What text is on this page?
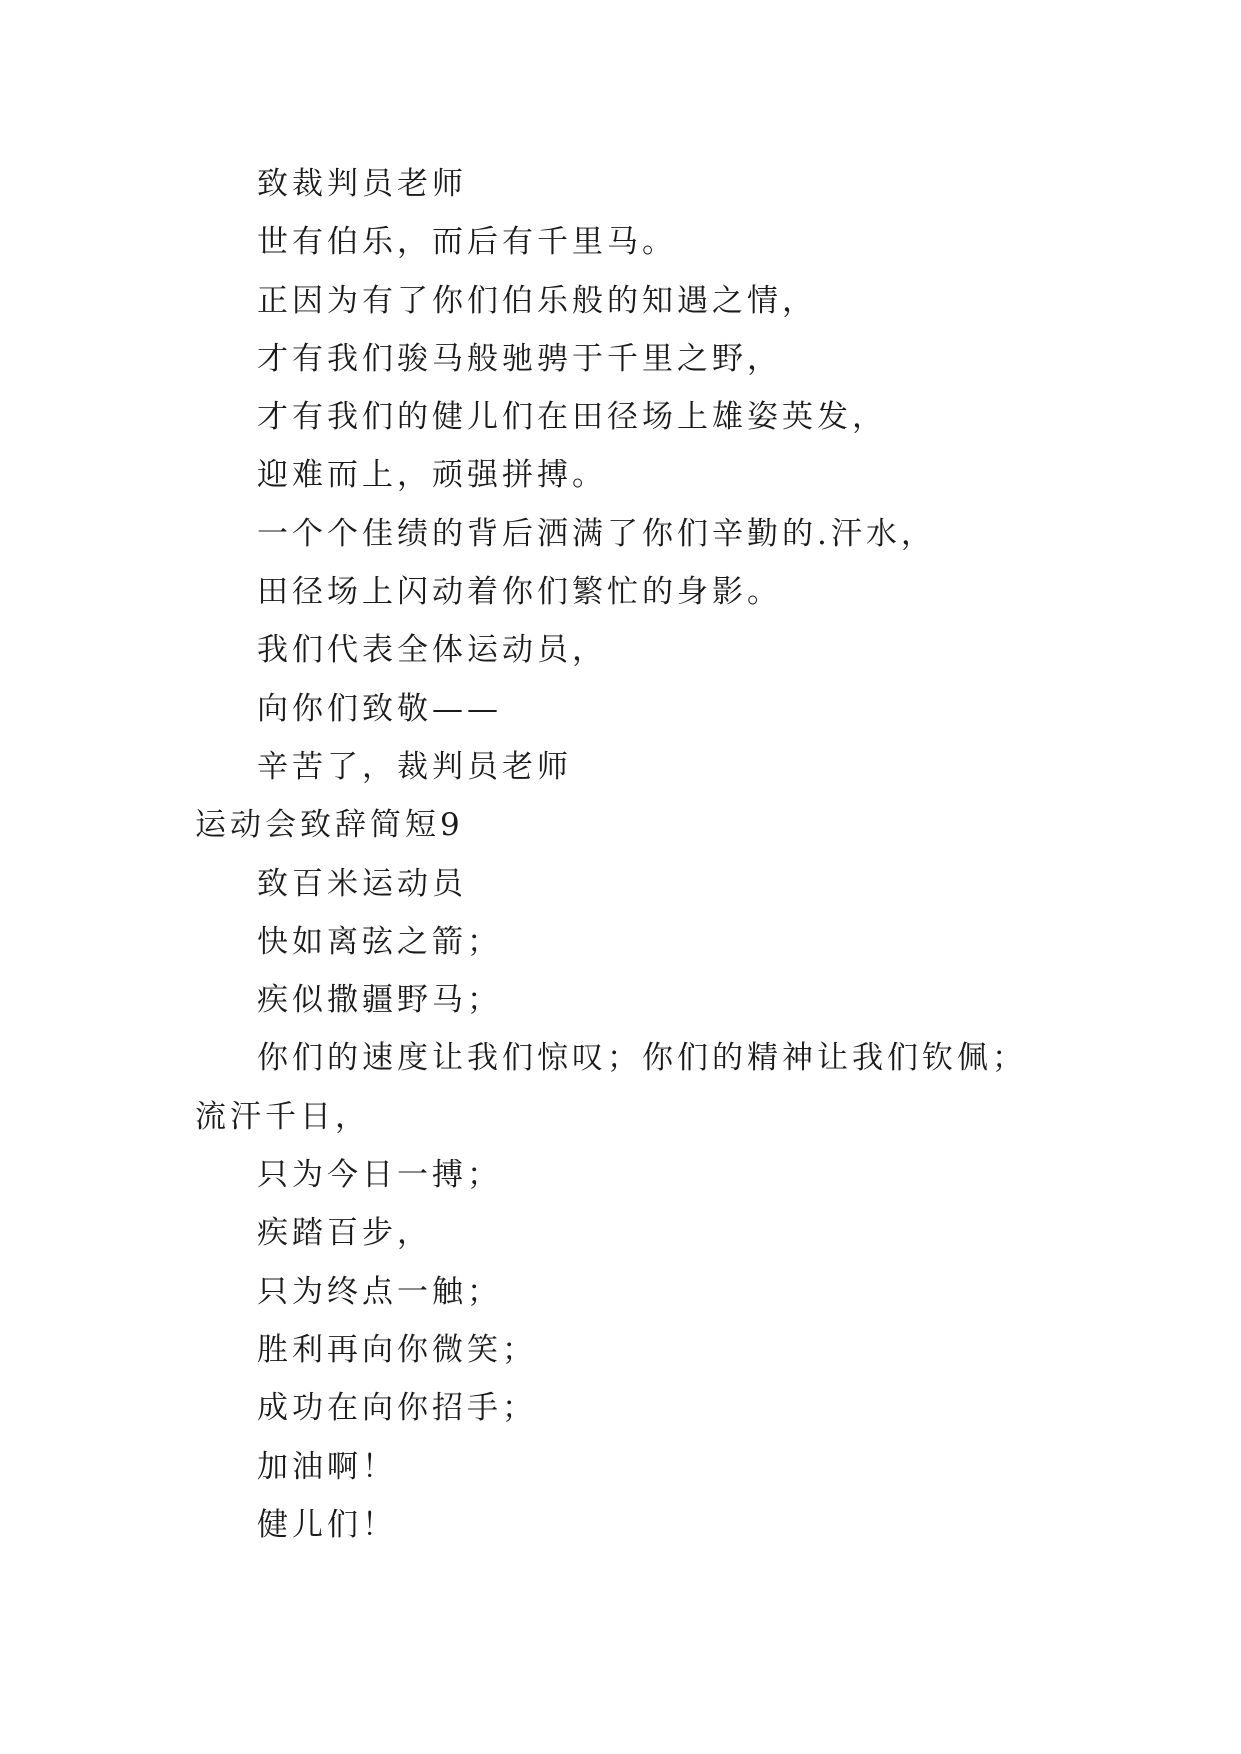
致裁判员老师
世有伯乐，而后有千里马。
正因为有了你们伯乐般的知遇之情，
才有我们骏马般驰骋于千里之野，
才有我们的健儿们在田径场上雄姿英发，
迎难而上，顽强拼搏。
一个个佳绩的背后洒满了你们辛勤的.汗水，
田径场上闪动着你们繁忙的身影。
我们代表全体运动员，
向你们致敬——
辛苦了，裁判员老师
运动会致辞简短9
致百米运动员
快如离弦之箭；
疾似撒疆野马；
你们的速度让我们惊叹；你们的精神让我们钦佩；流汗千日，
只为今日一搏；
疾踏百步，
只为终点一触；
胜利再向你微笑；
成功在向你招手；
加油啊！
健儿们！
